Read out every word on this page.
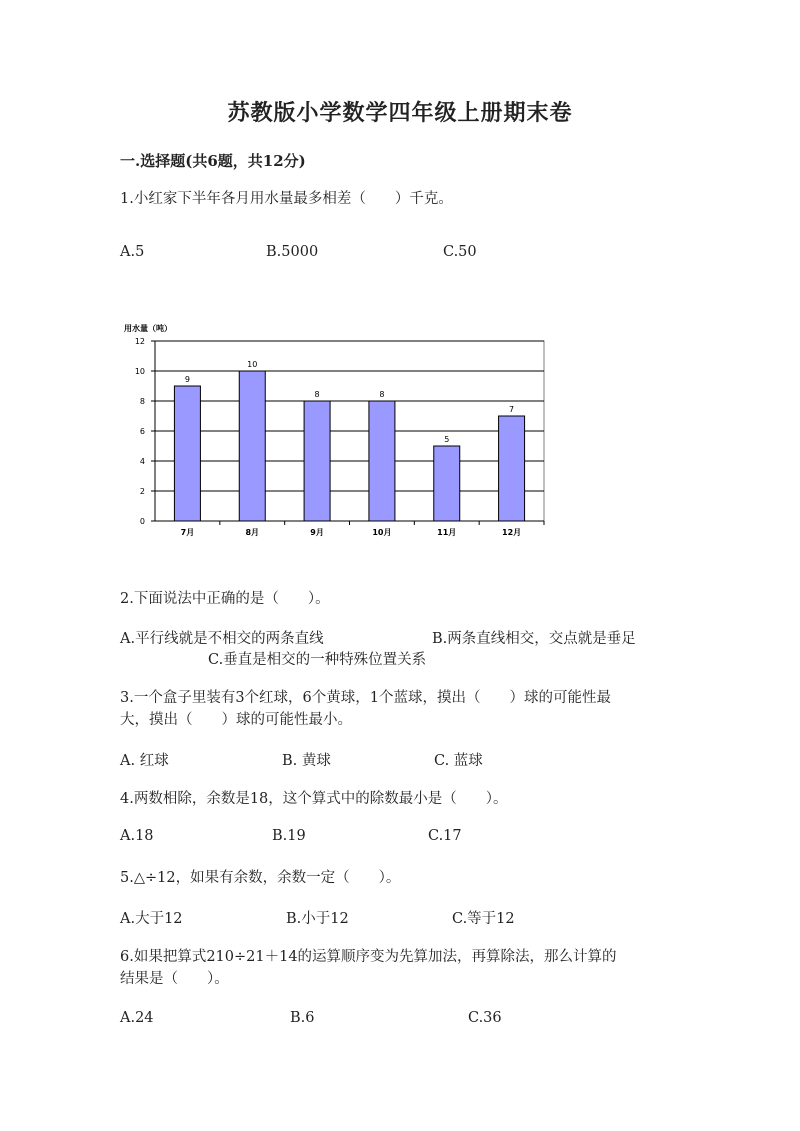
苏教版小学数学四年级上册期末卷
一.选择题(共6题，共12分)
1.小红家下半年各月用水量最多相差（　　）千克。
A.5	B.5000	C.50
用水量（吨）
0
2
4
6
8
10
12
7月	8月	9月	10月	11月	12月
9
10
8	8
5
7
2.下面说法中正确的是（　　）。
A.平行线就是不相交的两条直线	B.两条直线相交，交点就是垂足
C.垂直是相交的一种特殊位置关系
3.一个盒子里装有3个红球，6个黄球，1个蓝球，摸出（　　）球的可能性最
大，摸出（　　）球的可能性最小。
A. 红球	B. 黄球	C. 蓝球
4.两数相除，余数是18，这个算式中的除数最小是（　　）。
A.18	B.19	C.17
5.△÷12，如果有余数，余数一定（　　）。
A.大于12	B.小于12	C.等于12
6.如果把算式210÷21＋14的运算顺序变为先算加法，再算除法，那么计算的
结果是（　　）。
A.24	B.6	C.36
